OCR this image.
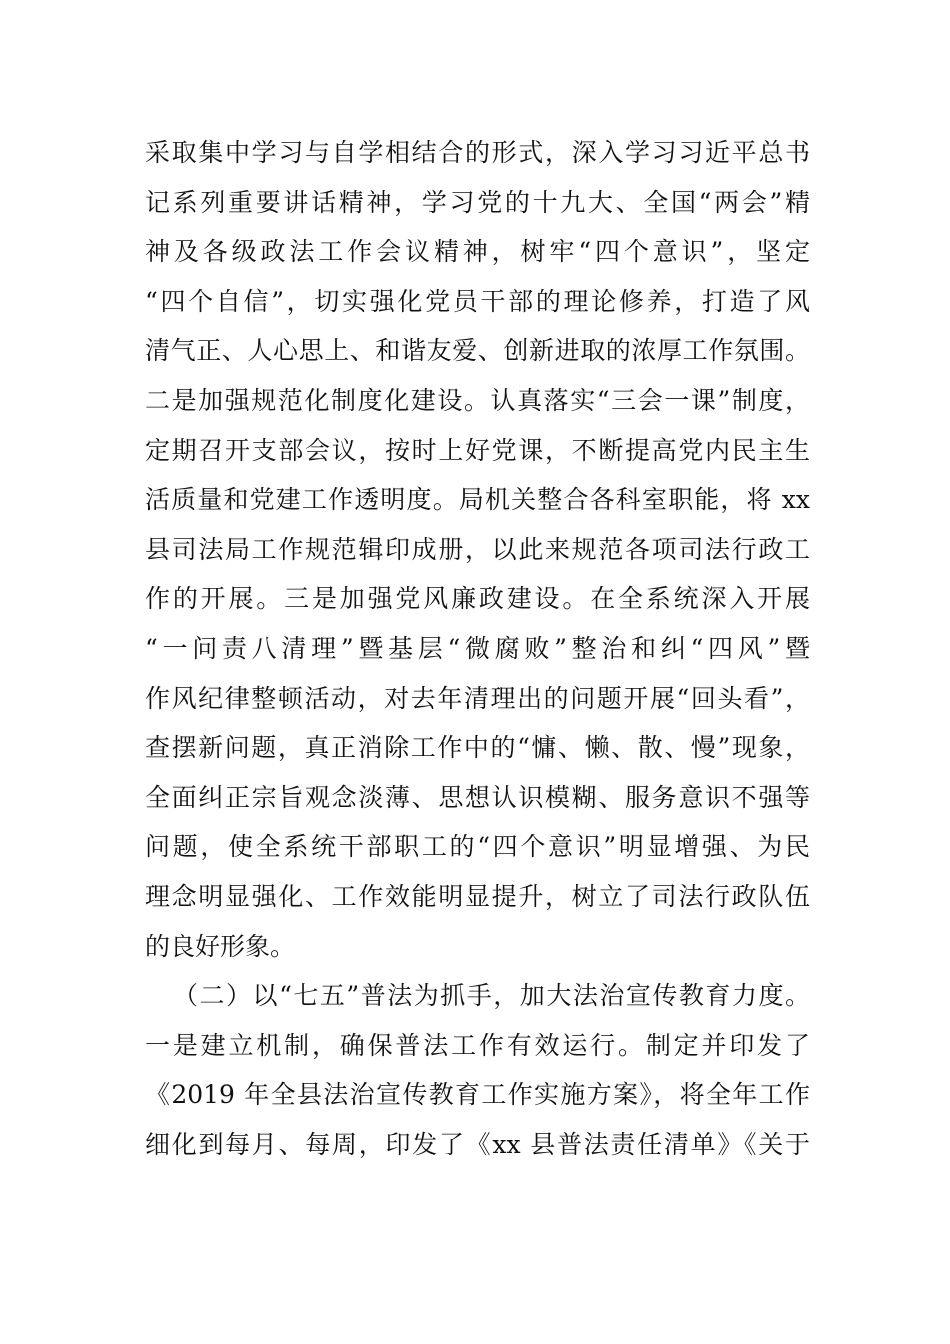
采取集中学习与自学相结合的形式，深入学习习近平总书
记系列重要讲话精神，学习党的十九大、全国“两会”精
神及各级政法工作会议精神，树牢“四个意识”，坚定
“四个自信”，切实强化党员干部的理论修养，打造了风
清气正、人心思上、和谐友爱、创新进取的浓厚工作氛围。
二是加强规范化制度化建设。认真落实“三会一课”制度，
定期召开支部会议，按时上好党课，不断提高党内民主生
活质量和党建工作透明度。局机关整合各科室职能，将 xx
县司法局工作规范辑印成册，以此来规范各项司法行政工
作的开展。三是加强党风廉政建设。在全系统深入开展
“一问责八清理”暨基层“微腐败”整治和纠“四风”暨
作风纪律整顿活动，对去年清理出的问题开展“回头看”，
查摆新问题，真正消除工作中的“慵、懒、散、慢”现象，
全面纠正宗旨观念淡薄、思想认识模糊、服务意识不强等
问题，使全系统干部职工的“四个意识”明显增强、为民
理念明显强化、工作效能明显提升，树立了司法行政队伍
的良好形象。
（二）以“七五”普法为抓手，加大法治宣传教育力度。
一是建立机制，确保普法工作有效运行。制定并印发了
《2019 年全县法治宣传教育工作实施方案》，将全年工作
细化到每月、每周，印发了《xx 县普法责任清单》《关于
